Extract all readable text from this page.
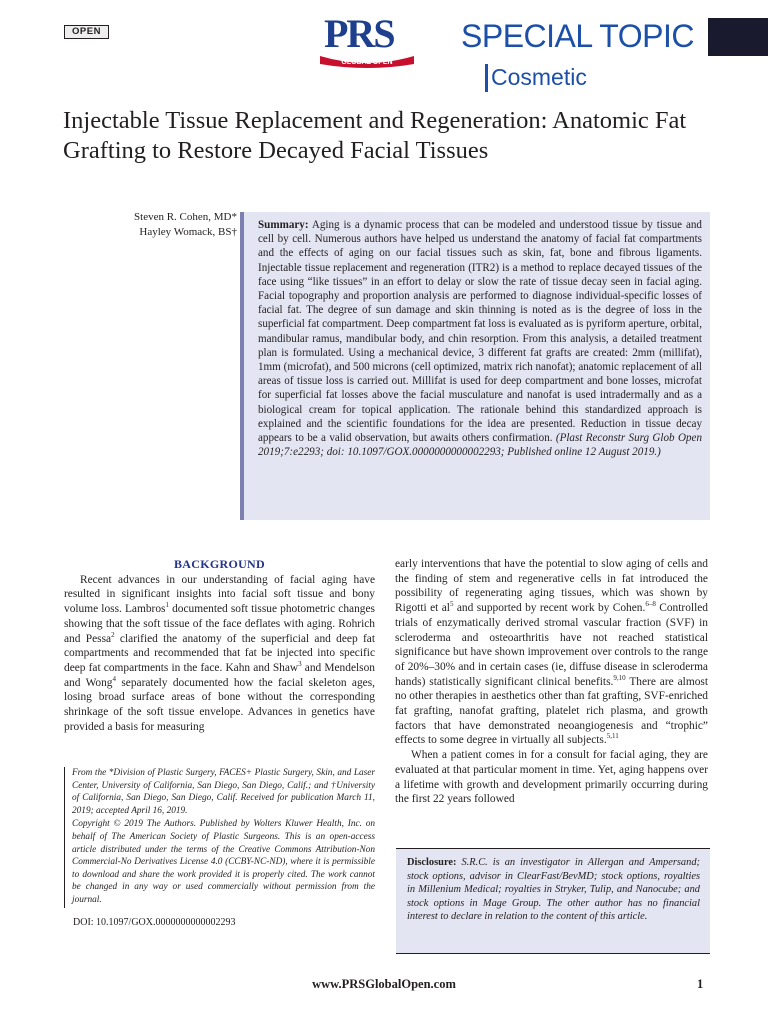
OPEN	PRS
GLOBAL OPEN
SPECIAL TOPIC
Cosmetic
Injectable Tissue Replacement and Regeneration: Anatomic Fat Grafting to Restore Decayed Facial Tissues
Steven R. Cohen, MD*
Hayley Womack, BS†
Summary: Aging is a dynamic process that can be modeled and understood tissue by tissue and cell by cell. Numerous authors have helped us understand the anatomy of facial fat compartments and the effects of aging on our facial tissues such as skin, fat, bone and fibrous ligaments. Injectable tissue replacement and regeneration (ITR2) is a method to replace decayed tissues of the face using “like tissues” in an effort to delay or slow the rate of tissue decay seen in facial aging. Facial topography and proportion analysis are performed to diagnose individual-specific losses of facial fat. The degree of sun damage and skin thinning is noted as is the degree of loss in the superficial fat compartment. Deep compartment fat loss is evaluated as is pyriform aperture, orbital, mandibular ramus, mandibular body, and chin resorption. From this analysis, a detailed treatment plan is formulated. Using a mechanical device, 3 different fat grafts are created: 2mm (millifat), 1mm (microfat), and 500 microns (cell optimized, matrix rich nanofat); anatomic replacement of all areas of tissue loss is carried out. Millifat is used for deep compartment and bone losses, microfat for superficial fat losses above the facial musculature and nanofat is used intradermally and as a biological cream for topical application. The rationale behind this standardized approach is explained and the scientific foundations for the idea are presented. Reduction in tissue decay appears to be a valid observation, but awaits others confirmation. (Plast Reconstr Surg Glob Open 2019;7:e2293; doi: 10.1097/GOX.0000000000002293; Published online 12 August 2019.)
BACKGROUND

Recent advances in our understanding of facial aging have resulted in significant insights into facial soft tissue and bony volume loss. Lambros$^1$ documented soft tissue photometric changes showing that the soft tissue of the face deflates with aging. Rohrich and Pessa$^2$ clarified the anatomy of the superficial and deep fat compartments and recommended that fat be injected into specific deep fat compartments in the face. Kahn and Shaw$^3$ and Mendelson and Wong$^4$ separately documented how the facial skeleton ages, losing broad surface areas of bone without the corresponding shrinkage of the soft tissue envelope. Advances in genetics have provided a basis for measuring

early interventions that have the potential to slow aging of cells and the finding of stem and regenerative cells in fat introduced the possibility of regenerating aging tissues, which was shown by Rigotti et $al^5$ and supported by recent work by Cohen.$^{6-8}$ Controlled trials of enzymatically derived stromal vascular fraction (SVF) in scleroderma and osteoarthritis have not reached statistical significance but have shown improvement over controls to the range of 20%–30% and in certain cases (ie, diffuse disease in scleroderma hands) statistically significant clinical benefits.$^{9,10}$ There are almost no other therapies in aesthetics other than fat grafting, SVF-enriched fat grafting, nanofat grafting, platelet rich plasma, and growth factors that have demonstrated neoangiogenesis and “trophic” effects to some degree in virtually all subjects.$^{5,11}$

When a patient comes in for a consult for facial aging, they are evaluated at that particular moment in time. Yet, aging happens over a lifetime with growth and development primarily occurring during the first 22 years followed

From the *Division of Plastic Surgery, FACES+ Plastic Surgery, Skin, and Laser Center, University of California, San Diego, San Diego, Calif.; and †University of California, San Diego, San Diego, Calif. Received for publication March 11, 2019; accepted April 16, 2019.

Copyright © 2019 The Authors. Published by Wolters Kluwer Health, Inc. on behalf of The American Society of Plastic Surgeons. This is an open-access article distributed under the terms of the Creative Commons Attribution-Non Commercial-No Derivatives License 4.0 (CCBY-NC-ND), where it is permissible to download and share the work provided it is properly cited. The work cannot be changed in any way or used commercially without permission from the journal.

DOI: 10.1097/GOX.0000000000002293
Disclosure: S.R.C. is an investigator in Allergan and Ampersand; stock options, advisor in ClearFast/BevMD; stock options, royalties in Millenium Medical; royalties in Stryker, Tulip, and Nanocube; and stock options in Mage Group. The other author has no financial interest to declare in relation to the content of this article.
www.PRSGlobalOpen.com	1
